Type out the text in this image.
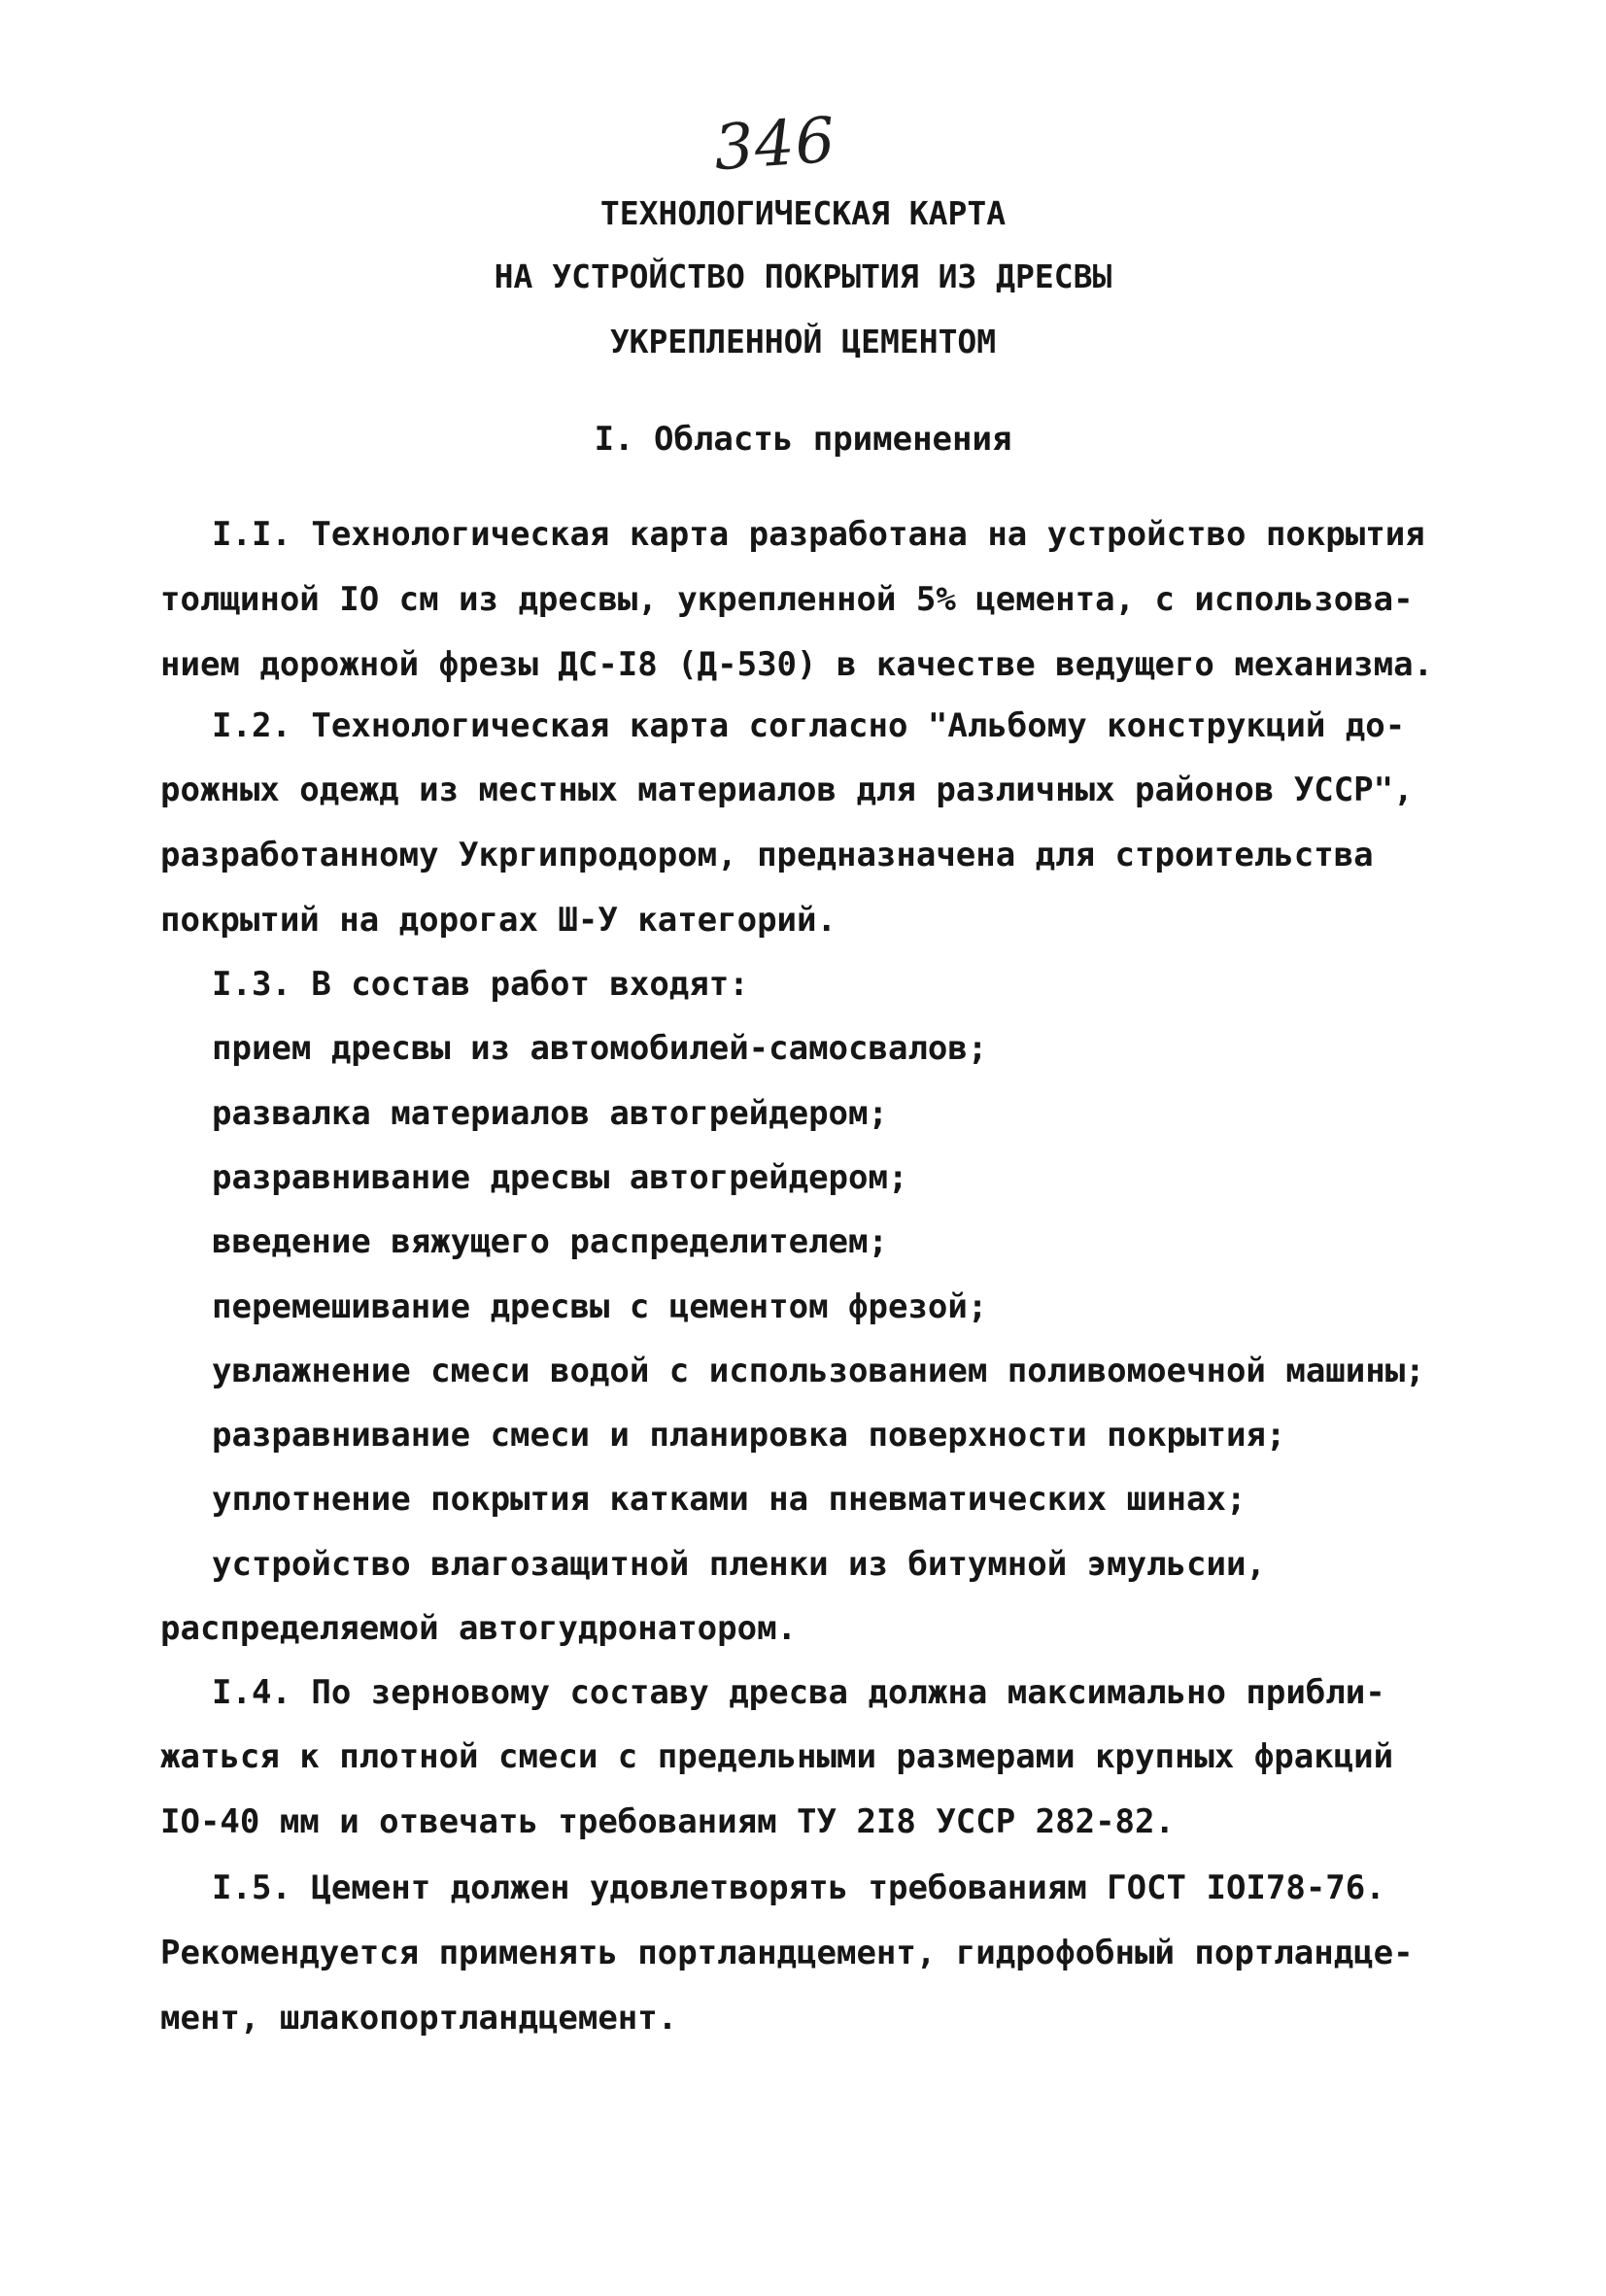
346
ТЕХНОЛОГИЧЕСКАЯ КАРТА
НА УСТРОЙСТВО ПОКРЫТИЯ ИЗ ДРЕСВЫ
УКРЕПЛЕННОЙ ЦЕМЕНТОМ
I. Область применения
I.I. Технологическая карта разработана на устройство покрытия
толщиной IO см из дресвы, укрепленной 5% цемента, с использова-
нием дорожной фрезы ДС-I8 (Д-530) в качестве ведущего механизма.
I.2. Технологическая карта согласно "Альбому конструкций до-
рожных одежд из местных материалов для различных районов УССР",
разработанному Укргипродором, предназначена для строительства
покрытий на дорогах Ш-У категорий.
I.3. В состав работ входят:
прием дресвы из автомобилей-самосвалов;
развалка материалов автогрейдером;
разравнивание дресвы автогрейдером;
введение вяжущего распределителем;
перемешивание дресвы с цементом фрезой;
увлажнение смеси водой с использованием поливомоечной машины;
разравнивание смеси и планировка поверхности покрытия;
уплотнение покрытия катками на пневматических шинах;
устройство влагозащитной пленки из битумной эмульсии,
распределяемой автогудронатором.
I.4. По зерновому составу дресва должна максимально прибли-
жаться к плотной смеси с предельными размерами крупных фракций
IO-40 мм и отвечать требованиям ТУ 2I8 УССР 282-82.
I.5. Цемент должен удовлетворять требованиям ГОСТ IOI78-76.
Рекомендуется применять портландцемент, гидрофобный портландце-
мент, шлакопортландцемент.
